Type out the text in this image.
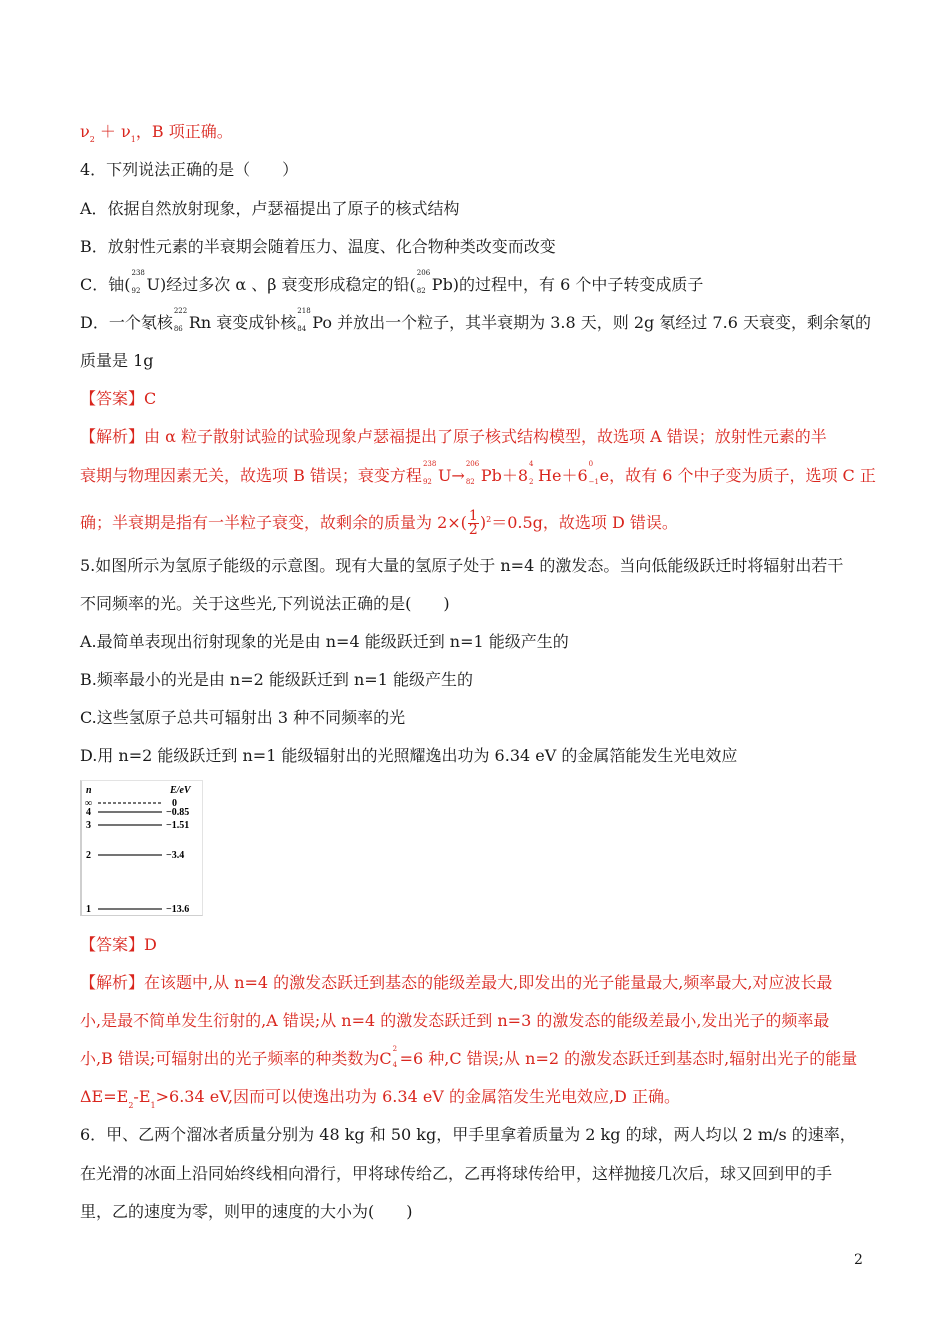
$\nu_2 + \nu_1$，B 项正确。
4．下列说法正确的是（　　）
A．依据自然放射现象，卢瑟福提出了原子的核式结构
B．放射性元素的半衰期会随着压力、温度、化合物种类改变而改变
C．铀(
238
92 U)经过多次 α 、β 衰变形成稳定的铅(
206
82 Pb)的过程中，有 6 个中子转变成质子
D．一个氡核
222
86 Rn 衰变成钋核
218
84 Po 并放出一个粒子，其半衰期为 3.8 天，则 2g 氡经过 7.6 天衰变，剩余氡的
质量是 1g
【答案】C
【解析】由 α 粒子散射试验的试验现象卢瑟福提出了原子核式结构模型，故选项 A 错误；放射性元素的半
衰期与物理因素无关，故选项 B 错误；衰变方程
238
92 U→
206
82 Pb＋8
4
2 He＋6
0
−1 e，故有 6 个中子变为质子，选项 C 正
确；半衰期是指有一半粒子衰变，故剩余的质量为 $2\times( \frac{1}{2} )^2=0.5g$，故选项 D 错误。
5.如图所示为氢原子能级的示意图。现有大量的氢原子处于 n=4 的激发态。当向低能级跃迁时将辐射出若干
不同频率的光。关于这些光,下列说法正确的是(　　)
A.最简单表现出衍射现象的光是由 n=4 能级跃迁到 n=1 能级产生的
B.频率最小的光是由 n=2 能级跃迁到 n=1 能级产生的
C.这些氢原子总共可辐射出 3 种不同频率的光
D.用 n=2 能级跃迁到 n=1 能级辐射出的光照耀逸出功为 6.34 eV 的金属箔能发生光电效应
n	E/eV
∞	0
4	−0.85
3	−1.51
2	−3.4
1	−13.6
【答案】D
【解析】在该题中,从 n=4 的激发态跃迁到基态的能级差最大,即发出的光子能量最大,频率最大,对应波长最
小,是最不简单发生衍射的,A 错误;从 n=4 的激发态跃迁到 n=3 的激发态的能级差最小,发出光子的频率最
小,B 错误;可辐射出的光子频率的种类数为C
2
4 =6 种,C 错误;从 n=2 的激发态跃迁到基态时,辐射出光子的能量
$\Delta E=E_2-E_1>6.34$ eV,因而可以使逸出功为 6.34 eV 的金属箔发生光电效应,D 正确。
6．甲、乙两个溜冰者质量分别为 48 kg 和 50 kg，甲手里拿着质量为 2 kg 的球，两人均以 2 m/s 的速率，
在光滑的冰面上沿同始终线相向滑行，甲将球传给乙，乙再将球传给甲，这样抛接几次后，球又回到甲的手
里，乙的速度为零，则甲的速度的大小为(　　)
2
